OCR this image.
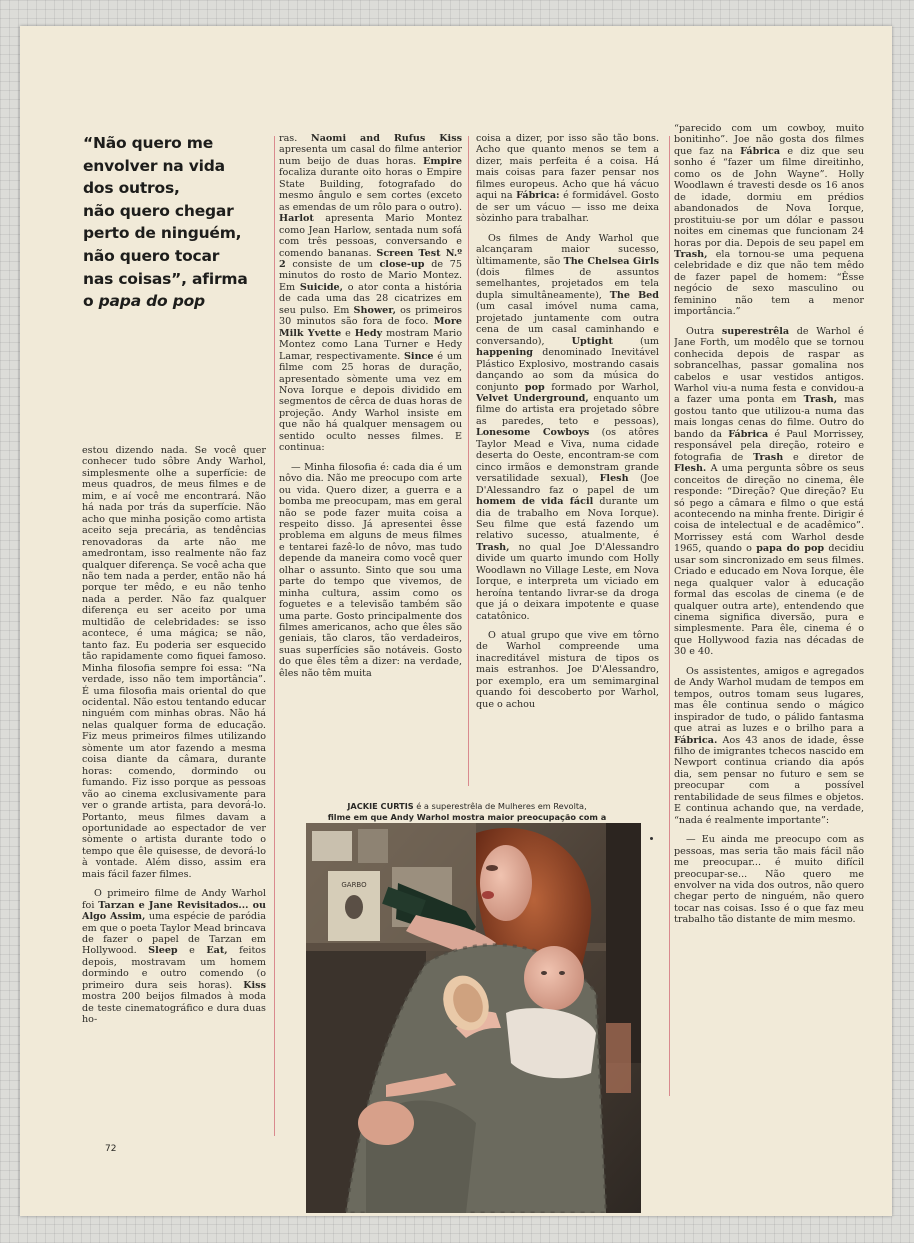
“Não quero me
envolver na vida
dos outros,
não quero chegar
perto de ninguém,
não quero tocar
nas coisas”, afirma
o papa do pop

estou dizendo nada. Se você quer conhecer tudo sôbre Andy Warhol, simplesmente olhe a superfície: de meus quadros, de meus filmes e de mim, e aí você me encontrará. Não há nada por trás da superfície. Não acho que minha posição como artista aceito seja precária, as tendências renovadoras da arte não me amedrontam, isso realmente não faz qualquer diferença. Se você acha que não tem nada a perder, então não há porque ter mêdo, e eu não tenho nada a perder. Não faz qualquer diferença eu ser aceito por uma multidão de celebridades: se isso acontece, é uma mágica; se não, tanto faz. Eu poderia ser esquecido tão rapidamente como fiquei famoso. Minha filosofia sempre foi essa: “Na verdade, isso não tem importância”. É uma filosofia mais oriental do que ocidental. Não estou tentando educar ninguém com minhas obras. Não há nelas qualquer forma de educação. Fiz meus primeiros filmes utilizando sòmente um ator fazendo a mesma coisa diante da câmara, durante horas: comendo, dormindo ou fumando. Fiz isso porque as pessoas vão ao cinema exclusivamente para ver o grande artista, para devorá-lo. Portanto, meus filmes davam a oportunidade ao espectador de ver sòmente o artista durante todo o tempo que êle quisesse, de devorá-lo à vontade. Além disso, assim era mais fácil fazer filmes.

O primeiro filme de Andy Warhol foi Tarzan e Jane Revisitados... ou Algo Assim, uma espécie de paródia em que o poeta Taylor Mead brincava de fazer o papel de Tarzan em Hollywood. Sleep e Eat, feitos depois, mostravam um homem dormindo e outro comendo (o primeiro dura seis horas). Kiss mostra 200 beijos filmados à moda de teste cinematográfico e dura duas ho-

ras. Naomi and Rufus Kiss apresenta um casal do filme anterior num beijo de duas horas. Empire focaliza durante oito horas o Empire State Building, fotografado do mesmo ângulo e sem cortes (exceto as emendas de um rôlo para o outro). Harlot apresenta Mario Montez como Jean Harlow, sentada num sofá com três pessoas, conversando e comendo bananas. Screen Test N.º 2 consiste de um close-up de 75 minutos do rosto de Mario Montez. Em Suicide, o ator conta a história de cada uma das 28 cicatrizes em seu pulso. Em Shower, os primeiros 30 minutos são fora de foco. More Milk Yvette e Hedy mostram Mario Montez como Lana Turner e Hedy Lamar, respectivamente. Since é um filme com 25 horas de duração, apresentado sòmente uma vez em Nova Iorque e depois dividido em segmentos de cêrca de duas horas de projeção. Andy Warhol insiste em que não há qualquer mensagem ou sentido oculto nesses filmes. E continua:

— Minha filosofia é: cada dia é um nôvo dia. Não me preocupo com arte ou vida. Quero dizer, a guerra e a bomba me preocupam, mas em geral não se pode fazer muita coisa a respeito disso. Já apresentei êsse problema em alguns de meus filmes e tentarei fazê-lo de nôvo, mas tudo depende da maneira como você quer olhar o assunto. Sinto que sou uma parte do tempo que vivemos, de minha cultura, assim como os foguetes e a televisão também são uma parte. Gosto principalmente dos filmes americanos, acho que êles são geniais, tão claros, tão verdadeiros, suas superfícies são notáveis. Gosto do que êles têm a dizer: na verdade, êles não têm muita

coisa a dizer, por isso são tão bons. Acho que quanto menos se tem a dizer, mais perfeita é a coisa. Há mais coisas para fazer pensar nos filmes europeus. Acho que há vácuo aqui na Fábrica: é formidável. Gosto de ser um vácuo — isso me deixa sòzinho para trabalhar.

Os filmes de Andy Warhol que alcançaram maior sucesso, ùltimamente, são The Chelsea Girls (dois filmes de assuntos semelhantes, projetados em tela dupla simultâneamente), The Bed (um casal imóvel numa cama, projetado juntamente com outra cena de um casal caminhando e conversando), Uptight (um happening denominado Inevitável Plástico Explosivo, mostrando casais dançando ao som da música do conjunto pop formado por Warhol, Velvet Underground, enquanto um filme do artista era projetado sôbre as paredes, teto e pessoas), Lonesome Cowboys (os atôres Taylor Mead e Viva, numa cidade deserta do Oeste, encontram-se com cinco irmãos e demonstram grande versatilidade sexual), Flesh (Joe D'Alessandro faz o papel de um homem de vida fácil durante um dia de trabalho em Nova Iorque). Seu filme que está fazendo um relativo sucesso, atualmente, é Trash, no qual Joe D'Alessandro divide um quarto imundo com Holly Woodlawn no Village Leste, em Nova Iorque, e interpreta um viciado em heroína tentando livrar-se da droga que já o deixara impotente e quase catatônico.

O atual grupo que vive em tôrno de Warhol compreende uma inacreditável mistura de tipos os mais estranhos. Joe D'Alessandro, por exemplo, era um semimarginal quando foi descoberto por Warhol, que o achou

“parecido com um cowboy, muito bonitinho”. Joe não gosta dos filmes que faz na Fábrica e diz que seu sonho é “fazer um filme direitinho, como os de John Wayne”. Holly Woodlawn é travesti desde os 16 anos de idade, dormiu em prédios abandonados de Nova Iorque, prostituiu-se por um dólar e passou noites em cinemas que funcionam 24 horas por dia. Depois de seu papel em Trash, ela tornou-se uma pequena celebridade e diz que não tem mêdo de fazer papel de homem: “Êsse negócio de sexo masculino ou feminino não tem a menor importância.”

Outra superestrêla de Warhol é Jane Forth, um modêlo que se tornou conhecida depois de raspar as sobrancelhas, passar gomalina nos cabelos e usar vestidos antigos. Warhol viu-a numa festa e convidou-a a fazer uma ponta em Trash, mas gostou tanto que utilizou-a numa das mais longas cenas do filme. Outro do bando da Fábrica é Paul Morrissey, responsável pela direção, roteiro e fotografia de Trash e diretor de Flesh. A uma pergunta sôbre os seus conceitos de direção no cinema, êle responde: “Direção? Que direção? Eu só pego a câmara e filmo o que está acontecendo na minha frente. Dirigir é coisa de intelectual e de acadêmico”. Morrissey está com Warhol desde 1965, quando o papa do pop decidiu usar som sincronizado em seus filmes. Criado e educado em Nova Iorque, êle nega qualquer valor à educação formal das escolas de cinema (e de qualquer outra arte), entendendo que cinema significa diversão, pura e simplesmente. Para êle, cinema é o que Hollywood fazia nas décadas de 30 e 40.

Os assistentes, amigos e agregados de Andy Warhol mudam de tempos em tempos, outros tomam seus lugares, mas êle continua sendo o mágico inspirador de tudo, o pálido fantasma que atrai as luzes e o brilho para a Fábrica. Aos 43 anos de idade, êsse filho de imigrantes tchecos nascido em Newport continua criando dia após dia, sem pensar no futuro e sem se preocupar com a possível rentabilidade de seus filmes e objetos. E continua achando que, na verdade, “nada é realmente importante”:

— Eu ainda me preocupo com as pessoas, mas seria tão mais fácil não me preocupar... é muito difícil preocupar-se... Não quero me envolver na vida dos outros, não quero chegar perto de ninguém, não quero tocar nas coisas. Isso é o que faz meu trabalho tão distante de mim mesmo.

JACKIE CURTIS é a superestrêla de Mulheres em Revolta,
filme em que Andy Warhol mostra maior preocupação com a
GARBO
72
